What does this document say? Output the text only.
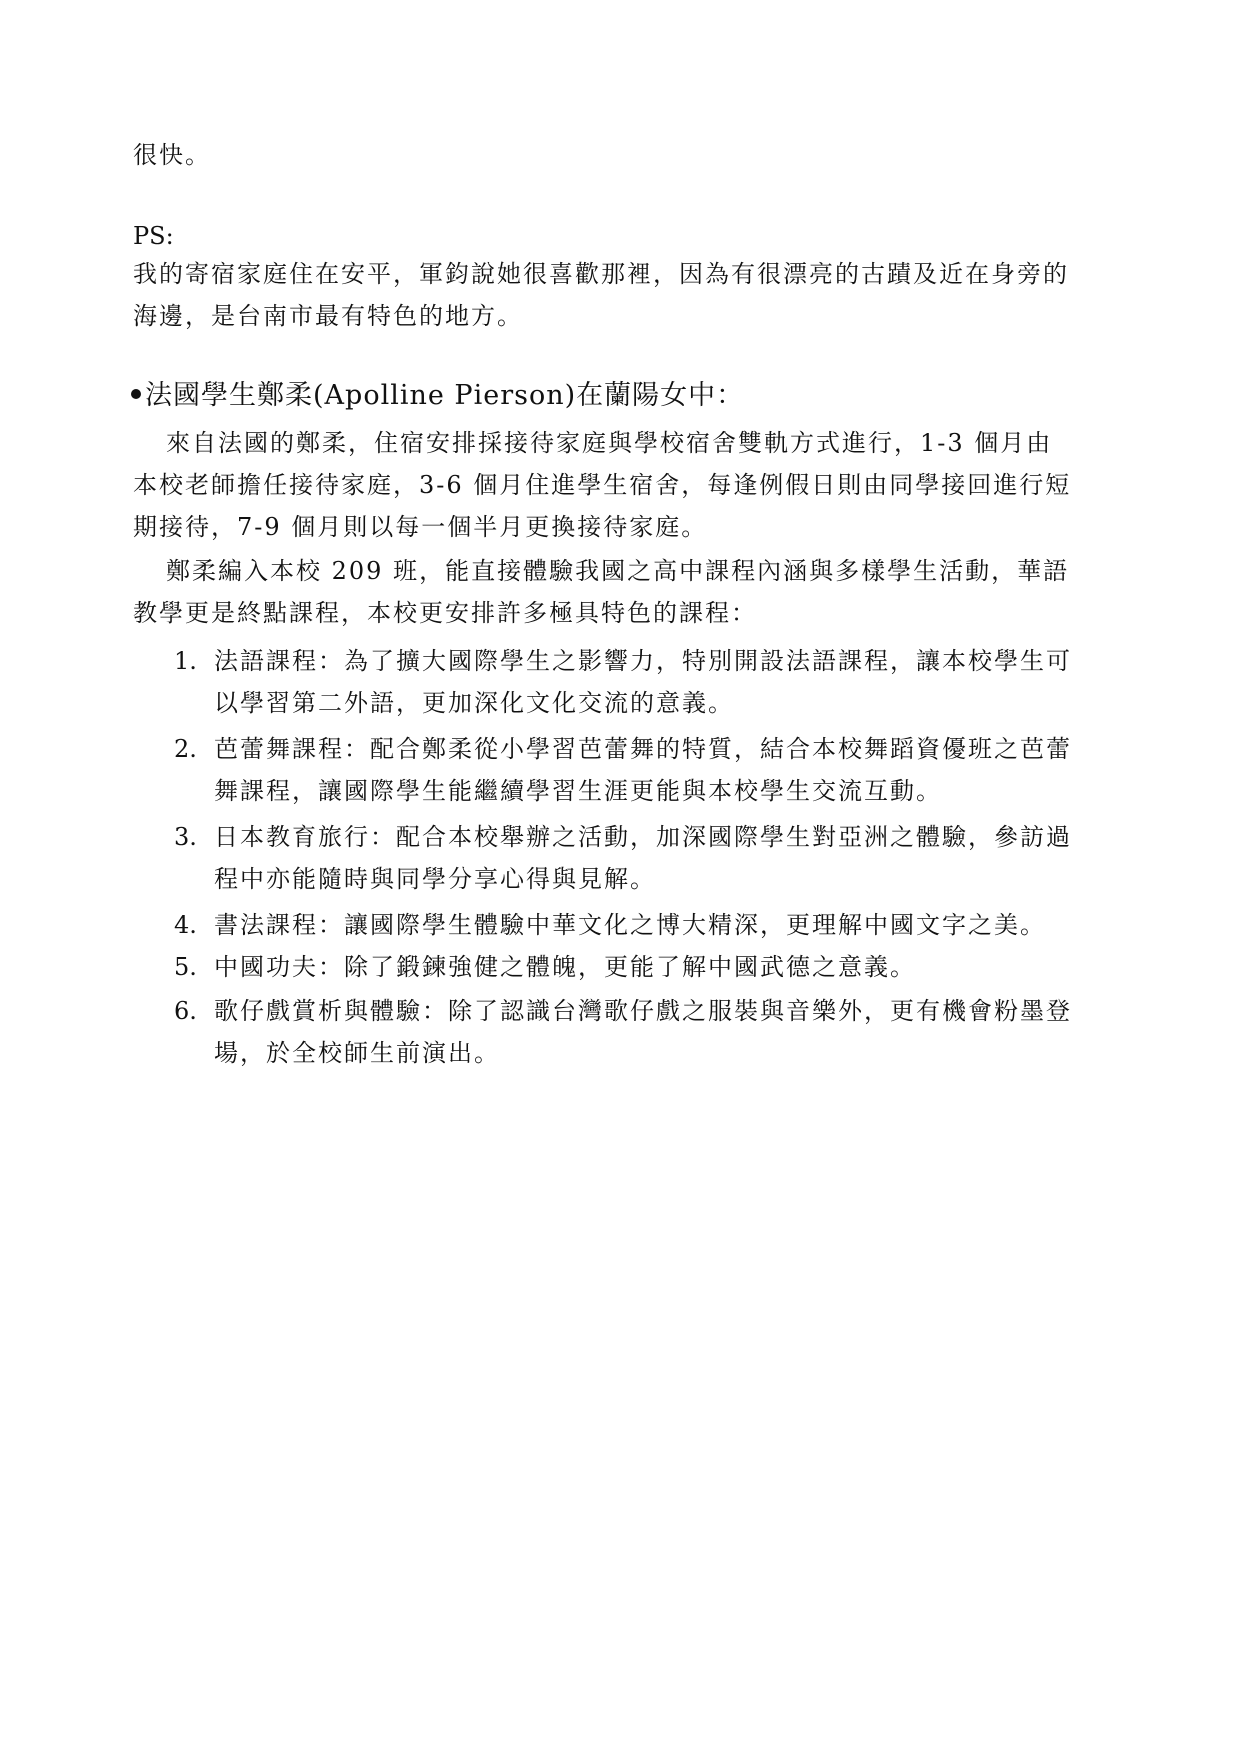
很快。
PS:
我的寄宿家庭住在安平，軍鈞說她很喜歡那裡，因為有很漂亮的古蹟及近在身旁的
海邊，是台南市最有特色的地方。
法國學生鄭柔(Apolline Pierson)在蘭陽女中：
來自法國的鄭柔，住宿安排採接待家庭與學校宿舍雙軌方式進行，1-3 個月由
本校老師擔任接待家庭，3-6 個月住進學生宿舍，每逢例假日則由同學接回進行短
期接待，7-9 個月則以每一個半月更換接待家庭。
鄭柔編入本校 209 班，能直接體驗我國之高中課程內涵與多樣學生活動，華語
教學更是終點課程，本校更安排許多極具特色的課程：
1. 法語課程：為了擴大國際學生之影響力，特別開設法語課程，讓本校學生可
以學習第二外語，更加深化文化交流的意義。
2. 芭蕾舞課程：配合鄭柔從小學習芭蕾舞的特質，結合本校舞蹈資優班之芭蕾
舞課程，讓國際學生能繼續學習生涯更能與本校學生交流互動。
3. 日本教育旅行：配合本校舉辦之活動，加深國際學生對亞洲之體驗，參訪過
程中亦能隨時與同學分享心得與見解。
4. 書法課程：讓國際學生體驗中華文化之博大精深，更理解中國文字之美。
5. 中國功夫：除了鍛鍊強健之體魄，更能了解中國武德之意義。
6. 歌仔戲賞析與體驗：除了認識台灣歌仔戲之服裝與音樂外，更有機會粉墨登
場，於全校師生前演出。
